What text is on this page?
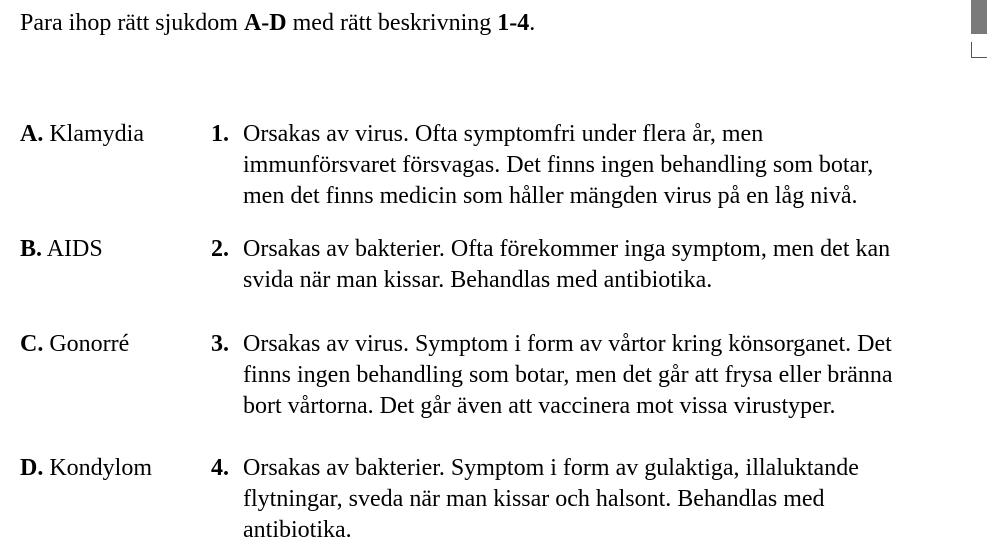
Para ihop rätt sjukdom A-D med rätt beskrivning 1-4.
A. Klamydia	1. Orsakas av virus. Ofta symptomfri under flera år, men
immunförsvaret försvagas. Det finns ingen behandling som botar,
men det finns medicin som håller mängden virus på en låg nivå.
B. AIDS	2. Orsakas av bakterier. Ofta förekommer inga symptom, men det kan
svida när man kissar. Behandlas med antibiotika.
C. Gonorré	3. Orsakas av virus. Symptom i form av vårtor kring könsorganet. Det
finns ingen behandling som botar, men det går att frysa eller bränna
bort vårtorna. Det går även att vaccinera mot vissa virustyper.
D. Kondylom 4. Orsakas av bakterier. Symptom i form av gulaktiga, illaluktande
flytningar, sveda när man kissar och halsont. Behandlas med
antibiotika.
